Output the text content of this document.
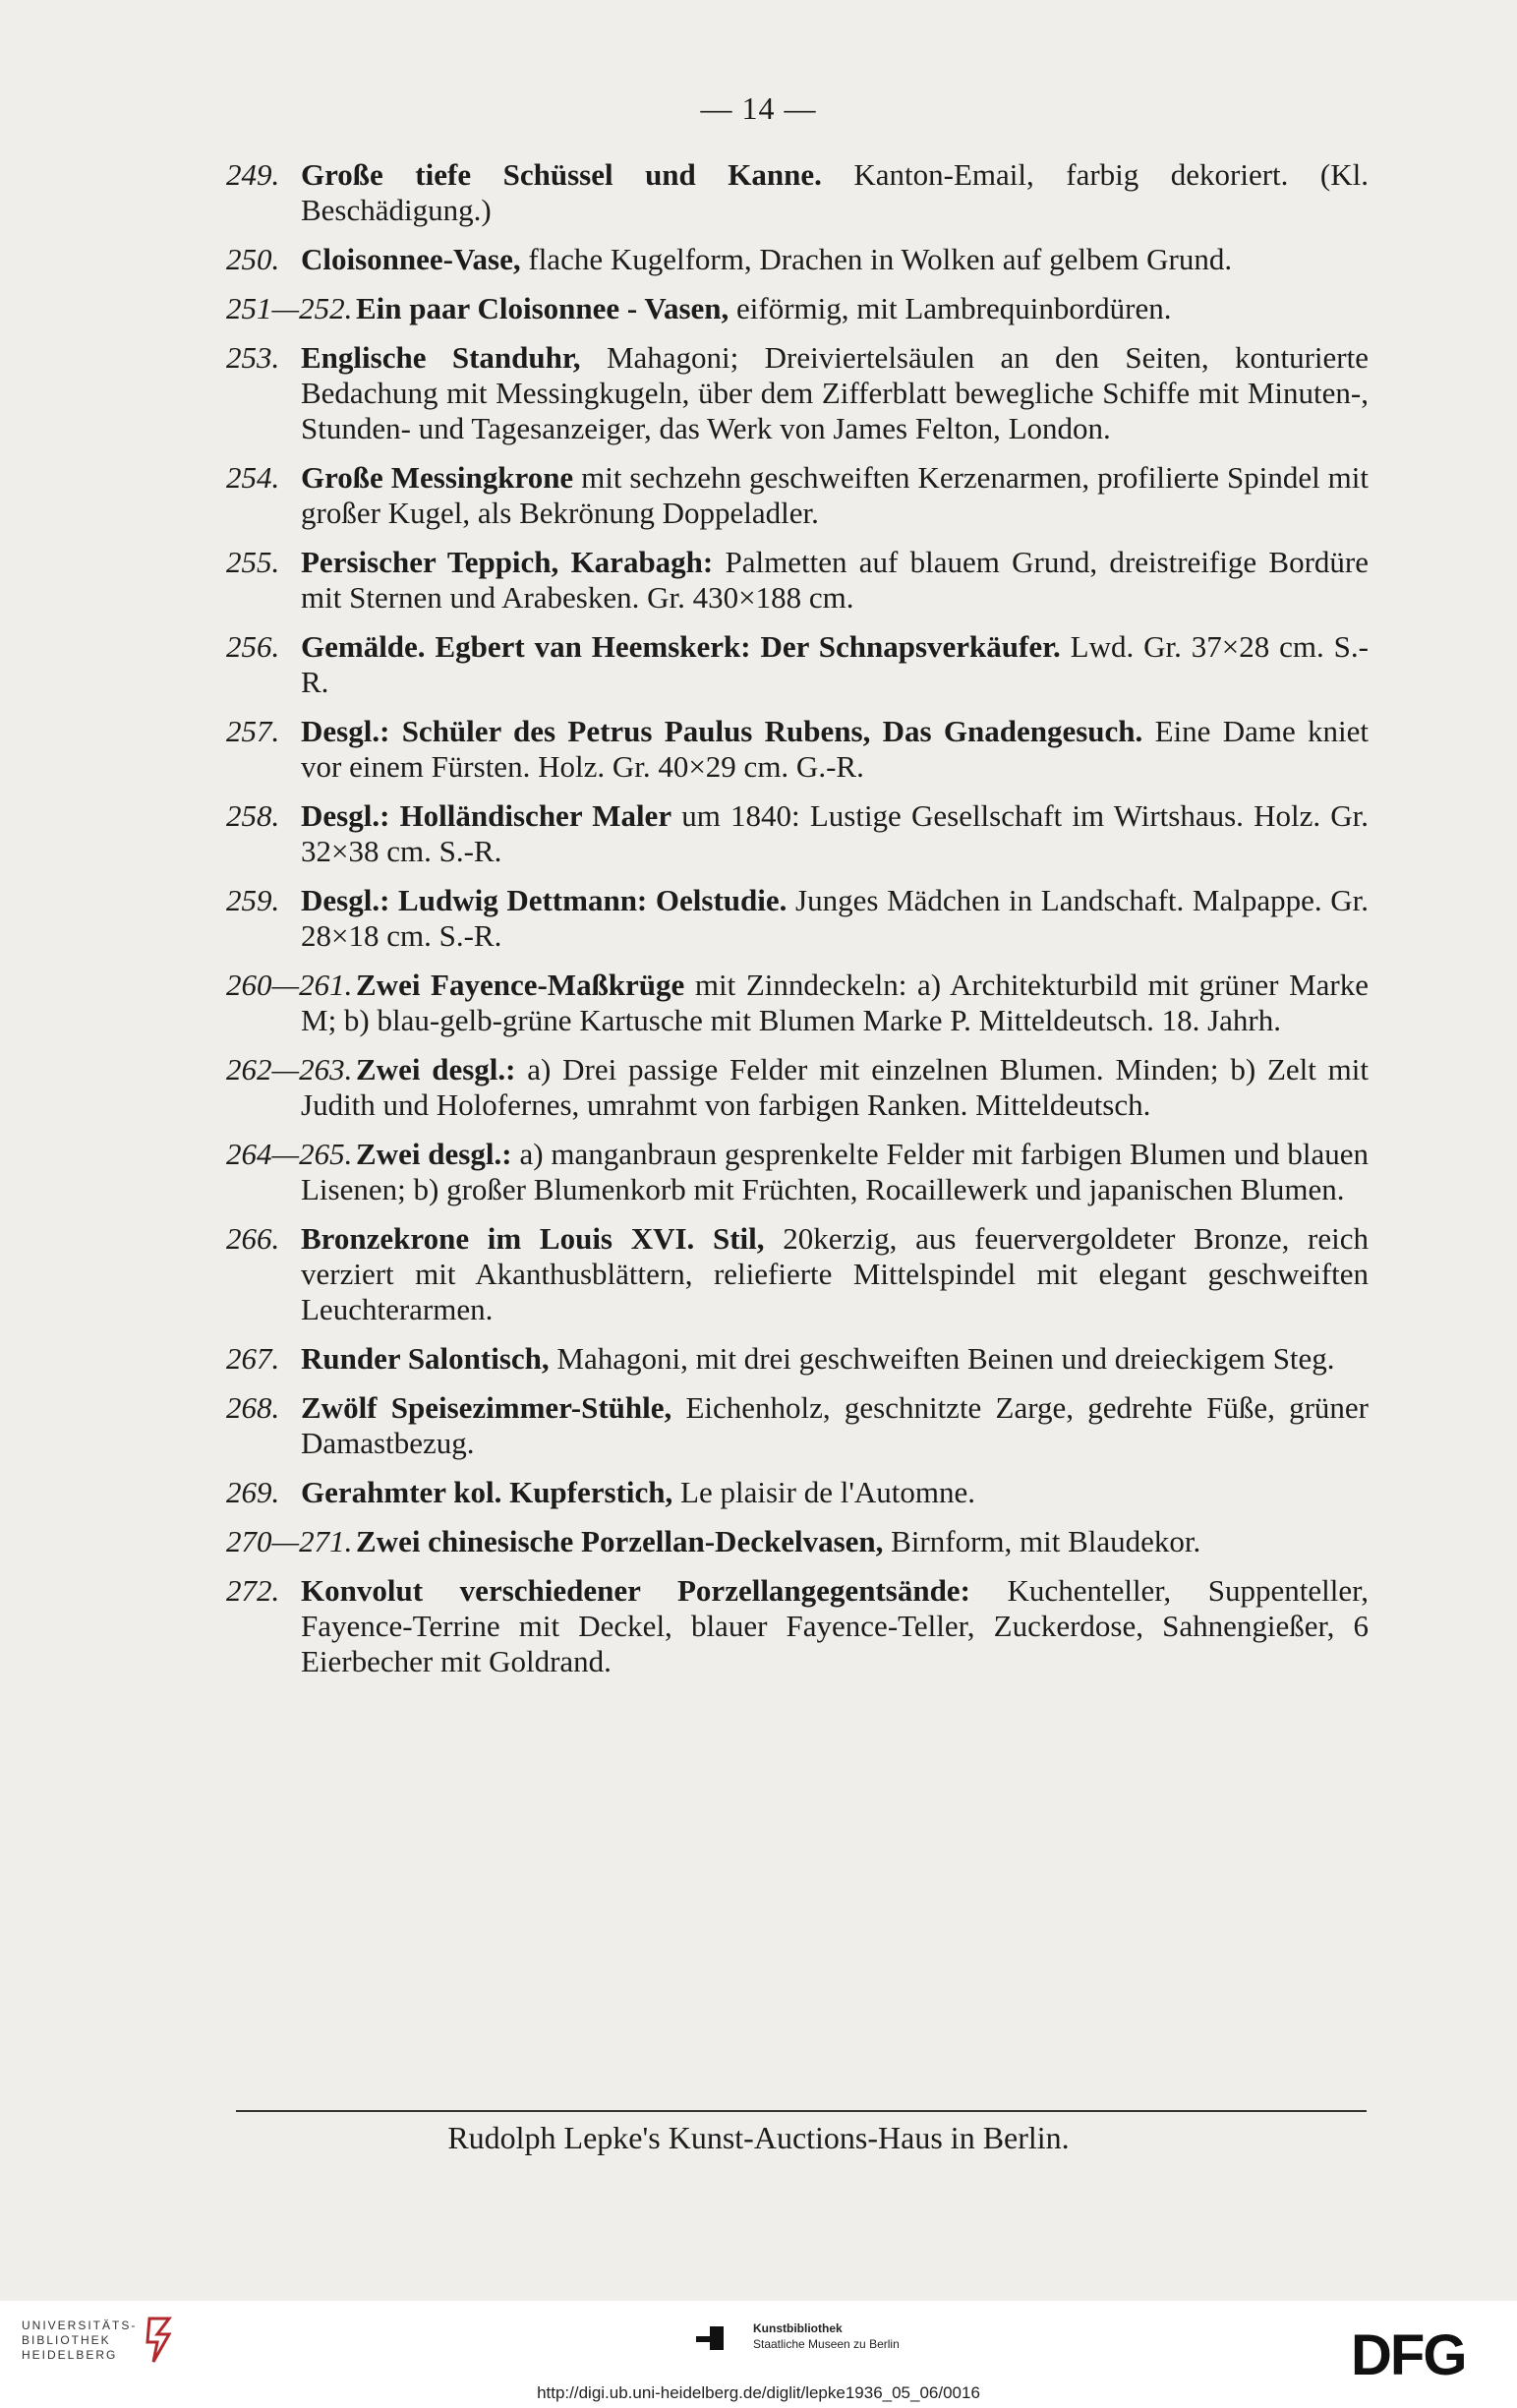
— 14 —
249. Große tiefe Schüssel und Kanne. Kanton-Email, farbig dekoriert. (Kl. Beschädigung.)
250. Cloisonnee-Vase, flache Kugelform, Drachen in Wolken auf gelbem Grund.
251—252. Ein paar Cloisonnee - Vasen, eiförmig, mit Lambrequinbordüren.
253. Englische Standuhr, Mahagoni; Dreiviertelsäulen an den Seiten, konturierte Bedachung mit Messingkugeln, über dem Zifferblatt bewegliche Schiffe mit Minuten-, Stunden- und Tagesanzeiger, das Werk von James Felton, London.
254. Große Messingkrone mit sechzehn geschweiften Kerzenarmen, profilierte Spindel mit großer Kugel, als Bekrönung Doppeladler.
255. Persischer Teppich, Karabagh: Palmetten auf blauem Grund, dreistreifige Bordüre mit Sternen und Arabesken. Gr. 430×188 cm.
256. Gemälde. Egbert van Heemskerk: Der Schnapsverkäufer. Lwd. Gr. 37×28 cm. S.-R.
257. Desgl.: Schüler des Petrus Paulus Rubens, Das Gnadengesuch. Eine Dame kniet vor einem Fürsten. Holz. Gr. 40×29 cm. G.-R.
258. Desgl.: Holländischer Maler um 1840: Lustige Gesellschaft im Wirtshaus. Holz. Gr. 32×38 cm. S.-R.
259. Desgl.: Ludwig Dettmann: Oelstudie. Junges Mädchen in Landschaft. Malpappe. Gr. 28×18 cm. S.-R.
260—261. Zwei Fayence-Maßkrüge mit Zinndeckeln: a) Architekturbild mit grüner Marke M; b) blau-gelb-grüne Kartusche mit Blumen Marke P. Mitteldeutsch. 18. Jahrh.
262—263. Zwei desgl.: a) Drei passige Felder mit einzelnen Blumen. Minden; b) Zelt mit Judith und Holofernes, umrahmt von farbigen Ranken. Mitteldeutsch.
264—265. Zwei desgl.: a) manganbraun gesprenkelte Felder mit farbigen Blumen und blauen Lisenen; b) großer Blumenkorb mit Früchten, Rocaillewerk und japanischen Blumen.
266. Bronzekrone im Louis XVI. Stil, 20kerzig, aus feuervergoldeter Bronze, reich verziert mit Akanthusblättern, reliefierte Mittelspindel mit elegant geschweiften Leuchterarmen.
267. Runder Salontisch, Mahagoni, mit drei geschweiften Beinen und dreieckigem Steg.
268. Zwölf Speisezimmer-Stühle, Eichenholz, geschnitzte Zarge, gedrehte Füße, grüner Damastbezug.
269. Gerahmter kol. Kupferstich, Le plaisir de l'Automne.
270—271. Zwei chinesische Porzellan-Deckelvasen, Birnform, mit Blaudekor.
272. Konvolut verschiedener Porzellangegentsände: Kuchenteller, Suppenteller, Fayence-Terrine mit Deckel, blauer Fayence-Teller, Zuckerdose, Sahnengießer, 6 Eierbecher mit Goldrand.
Rudolph Lepke's Kunst-Auctions-Haus in Berlin.
UNIVERSITÄTS-
BIBLIOTHEK
HEIDELBERG
Kunstbibliothek
Staatliche Museen zu Berlin	DFG
http://digi.ub.uni-heidelberg.de/diglit/lepke1936_05_06/0016
